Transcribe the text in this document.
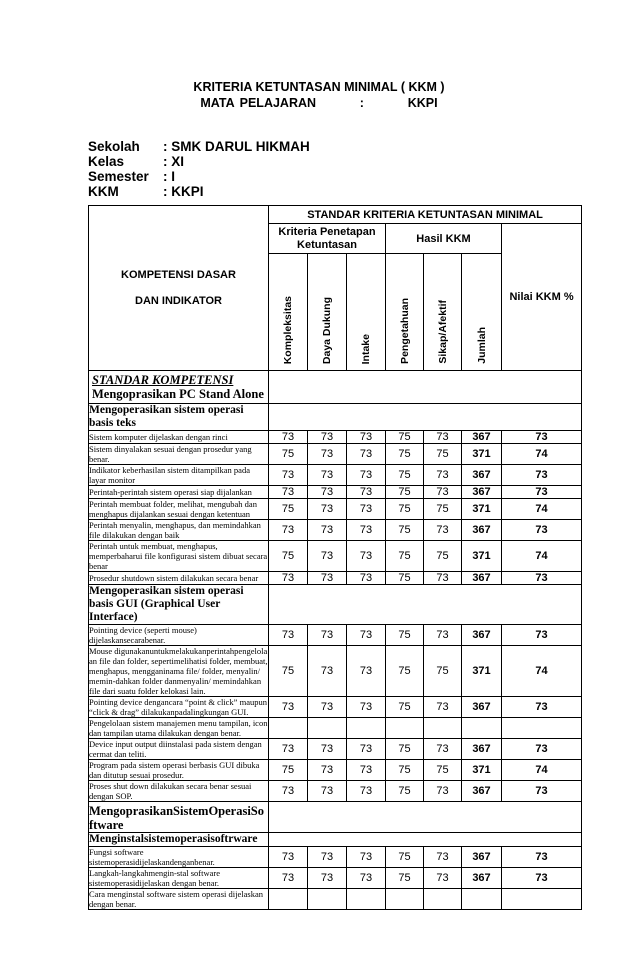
KRITERIA KETUNTASAN MINIMAL ( KKM )
MATA PELAJARAN        :        KKPI
Sekolah : SMK DARUL HIKMAH
Kelas	: XI
Semester : I
KKM	: KKPI
KOMPETENSI DASAR
DAN INDIKATOR	STANDAR KRITERIA KETUNTASAN MINIMAL						
	Kriteria Penetapan Ketuntasan			Hasil KKM			Nilai KKM %

	Kompleksitas	Daya Dukung	Intake	Pengetahuan	Sikap/Afektif	Jumlah	

STANDAR KOMPETENSI
Mengoprasikan PC Stand Alone							

Mengoperasikan sistem operasi basis teks							
Sistem komputer dijelaskan dengan rinci	73	73	73	75	73	367	73
Sistem dinyalakan sesuai dengan prosedur yang benar.	75	73	73	75	75	371	74
Indikator keberhasilan sistem ditampilkan pada layar monitor	73	73	73	75	73	367	73
Perintah-perintah sistem operasi siap dijalankan	73	73	73	75	73	367	73
Perintah membuat folder, melihat, mengubah dan menghapus dijalankan sesuai dengan ketentuan	75	73	73	75	75	371	74
Perintah menyalin, menghapus, dan memindahkan file dilakukan dengan baik	73	73	73	75	73	367	73
Perintah untuk membuat, menghapus, memperbaharui file konfigurasi sistem dibuat secara benar	75	73	73	75	75	371	74
Prosedur shutdown sistem dilakukan secara benar	73	73	73	75	73	367	73
Mengoperasikan sistem operasi basis GUI (Graphical User Interface)							
Pointing device (seperti mouse) dijelaskansecarabenar.	73	73	73	75	73	367	73
Mouse digunakanuntukmelakukanperintahpengelola an file dan folder, sepertimelihatisi folder, membuat, menghapus, mengganinama file/ folder, menyalin/ memin-dahkan folder danmenyalin/ memindahkan file dari suatu folder kelokasi lain.	75	73	73	75	75	371	74
Pointing device dengancara “point & click” maupun “click & drag” dilakukanpadalingkungan GUI.	73	73	73	75	73	367	73
Pengelolaan sistem manajemen menu tampilan, icon dan tampilan utama dilakukan dengan benar.							
Device input output diinstalasi pada sistem dengan cermat dan teliti.	73	73	73	75	73	367	73
Program pada sistem operasi berbasis GUI dibuka dan ditutup sesuai prosedur.	75	73	73	75	75	371	74
Proses shut down dilakukan secara benar sesuai dengan SOP.	73	73	73	75	73	367	73
MengoprasikanSistemOperasiSoftware							
Menginstalsistemoperasisoftrware							
Fungsi software sistemoperasidijelaskandenganbenar.	73	73	73	75	73	367	73
Langkah-langkahmengin-stal software sistemoperasidijelaskan dengan benar.	73	73	73	75	73	367	73
Cara menginstal software sistem operasi dijelaskan dengan benar.							
